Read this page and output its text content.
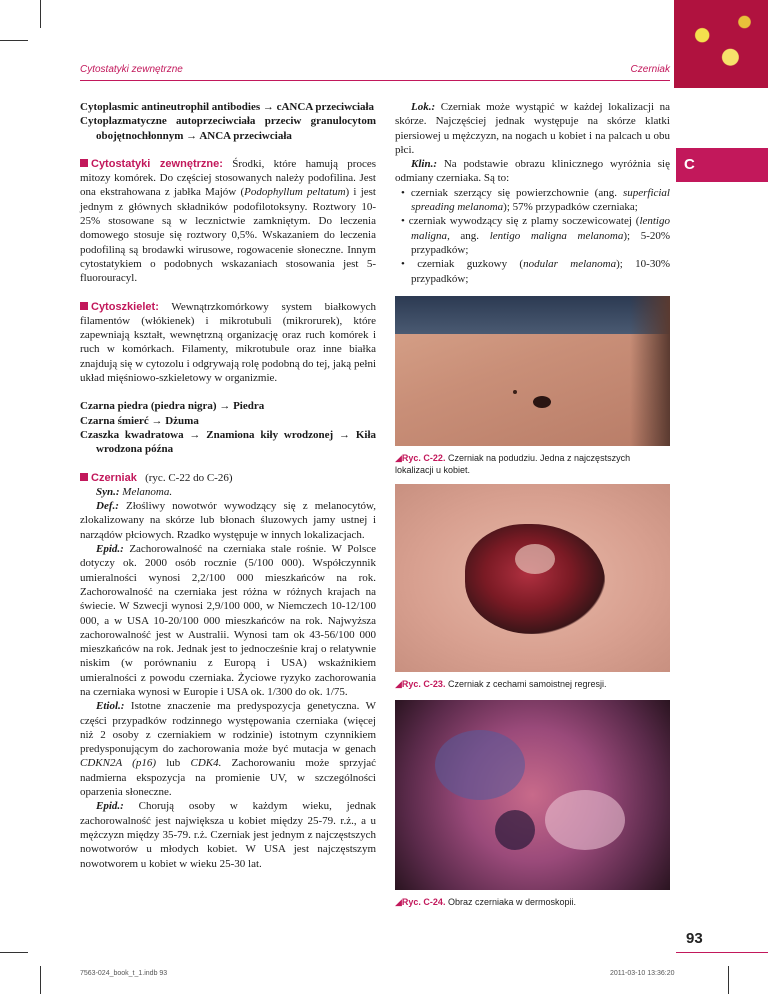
Cytostatyki zewnętrzne	Czerniak
C

Cytoplasmic antineutrophil antibodies → cANCA przeciwciała

Cytoplazmatyczne autoprzeciwciała przeciw granulocytom obojętnochłonnym → ANCA przeciwciała

Cytostatyki zewnętrzne: Środki, które hamują proces mitozy komórek. Do częściej stosowanych należy podofilina. Jest ona ekstrahowana z jabłka Majów (Podophyllum peltatum) i jest jednym z głównych składników podofilotoksyny. Roztwory 10-25% stosowane są w lecznictwie zamkniętym. Do leczenia domowego stosuje się roztwory 0,5%. Wskazaniem do leczenia podofiliną są brodawki wirusowe, rogowacenie słoneczne. Innym cytostatykiem o podobnych wskazaniach stosowania jest 5-fluorouracyl.

Cytoszkielet: Wewnątrzkomórkowy system białkowych filamentów (włókienek) i mikrotubuli (mikrorurek), które zapewniają kształt, wewnętrzną organizację oraz ruch komórek i ruch w komórkach. Filamenty, mikrotubule oraz inne białka znajdują się w cytozolu i odgrywają rolę podobną do tej, jaką pełni układ mięśniowo-szkieletowy w organizmie.

Czarna piedra (piedra nigra) → Piedra

Czarna śmierć → Dżuma

Czaszka kwadratowa → Znamiona kiły wrodzonej → Kiła wrodzona późna

Czerniak (ryc. C-22 do C-26)

Syn.: Melanoma.

Def.: Złośliwy nowotwór wywodzący się z melanocytów, zlokalizowany na skórze lub błonach śluzowych jamy ustnej i narządów płciowych. Rzadko występuje w innych lokalizacjach.

Epid.: Zachorowalność na czerniaka stale rośnie. W Polsce dotyczy ok. 2000 osób rocznie (5/100 000). Współczynnik umieralności wynosi 2,2/100 000 mieszkańców na rok. Zachorowalność na czerniaka jest różna w różnych krajach na świecie. W Szwecji wynosi 2,9/100 000, w Niemczech 10-12/100 000, a w USA 10-20/100 000 mieszkańców na rok. Najwyższa zachorowalność jest w Australii. Wynosi tam ok 43-56/100 000 mieszkańców na rok. Jednak jest to jednocześnie kraj o relatywnie niskim (w porównaniu z Europą i USA) wskaźnikiem umieralności z powodu czerniaka. Życiowe ryzyko zachorowania na czerniaka wynosi w Europie i USA ok. 1/300 do ok. 1/75.

Etiol.: Istotne znaczenie ma predyspozycja genetyczna. W części przypadków rodzinnego występowania czerniaka (więcej niż 2 osoby z czerniakiem w rodzinie) istotnym czynnikiem predysponującym do zachorowania może być mutacja w genach CDKN2A (p16) lub CDK4. Zachorowaniu może sprzyjać nadmierna ekspozycja na promienie UV, w szczególności oparzenia słoneczne.

Epid.: Chorują osoby w każdym wieku, jednak zachorowalność jest największa u kobiet między 25-79. r.ż., a u mężczyzn między 35-79. r.ż. Czerniak jest jednym z najczęstszych nowotworów u młodych kobiet. W USA jest najczęstszym nowotworem u kobiet w wieku 25-30 lat.

Lok.: Czerniak może wystąpić w każdej lokalizacji na skórze. Najczęściej jednak występuje na skórze klatki piersiowej u mężczyzn, na nogach u kobiet i na palcach u obu płci.

Klin.: Na podstawie obrazu klinicznego wyróżnia się odmiany czerniaka. Są to:

• czerniak szerzący się powierzchownie (ang. superficial spreading melanoma); 57% przypadków czerniaka;
• czerniak wywodzący się z plamy soczewicowatej (lentigo maligna, ang. lentigo maligna melanoma); 5-20% przypadków;
• czerniak guzkowy (nodular melanoma); 10-30% przypadków;
◢Ryc. C-22. Czerniak na podudziu. Jedna z najczęstszych lokalizacji u kobiet.
◢Ryc. C-23. Czerniak z cechami samoistnej regresji.
◢Ryc. C-24. Obraz czerniaka w dermoskopii.
93
7563-024_book_t_1.indb 93	2011-03-10 13:36:20
